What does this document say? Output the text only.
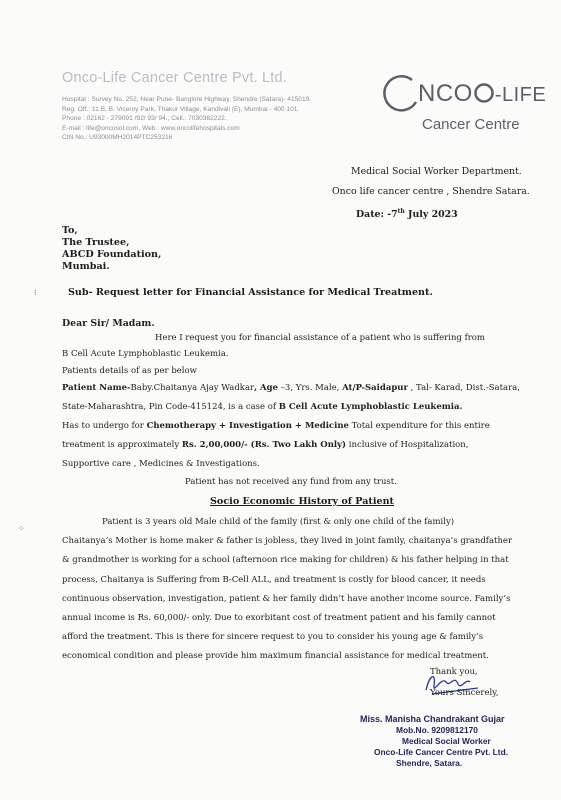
Onco-Life Cancer Centre Pvt. Ltd.
Hospital : Survey No. 252, Near Pune- Banglore Highway, Shendre (Satara)- 415019.
Reg. Off.: 11 B, B. Viceroy Park, Thakur Village, Kandivali (E), Mumbai - 400 101.
Phone : 02162 - 279091 /92/ 93/ 94., Cell.: 7030362222.
E-mail : life@oncosol.com, Web.: www.oncolifehospitals.com
CIN No.: U93000MH2014PTC253216
NCO -LIFE
Cancer Centre
Medical Social Worker Department.
Onco life cancer centre , Shendre Satara.
Date: -7th July 2023
To,
The Trustee,
ABCD Foundation,
Mumbai.
⁝	Sub- Request letter for Financial Assistance for Medical Treatment.
Dear Sir/ Madam.
Here I request you for financial assistance of a patient who is suffering from
B Cell Acute Lymphoblastic Leukemia.
Patients details of as per below
Patient Name-Baby.Chaitanya Ajay Wadkar, Age –3, Yrs. Male, At/P-Saidapur , Tal- Karad, Dist.-Satara,
State-Maharashtra, Pin Code-415124, is a case of B Cell Acute Lymphoblastic Leukemia.
Has to undergo for Chemotherapy + Investigation + Medicine Total expenditure for this entire
treatment is approximately Rs. 2,00,000/- (Rs. Two Lakh Only) inclusive of Hospitalization,
Supportive care , Medicines & Investigations.
Patient has not received any fund from any trust.
Socio Economic History of Patient
⁘
Patient is 3 years old Male child of the family (first & only one child of the family)
Chaitanya’s Mother is home maker & father is jobless, they lived in joint family, chaitanya’s grandfather
& grandmother is working for a school (afternoon rice making for children) & his father helping in that
process, Chaitanya is Suffering from B-Cell ALL, and treatment is costly for blood cancer, it needs
continuous observation, investigation, patient & her family didn’t have another income source. Family’s
annual income is Rs. 60,000/- only. Due to exorbitant cost of treatment patient and his family cannot
afford the treatment. This is there for sincere request to you to consider his young age & family’s
economical condition and please provide him maximum financial assistance for medical treatment.
Thank you,
Yours Sincerely,
Miss. Manisha Chandrakant Gujar
Mob.No. 9209812170
Medical Social Worker
Onco-Life Cancer Centre Pvt. Ltd.
Shendre, Satara.
